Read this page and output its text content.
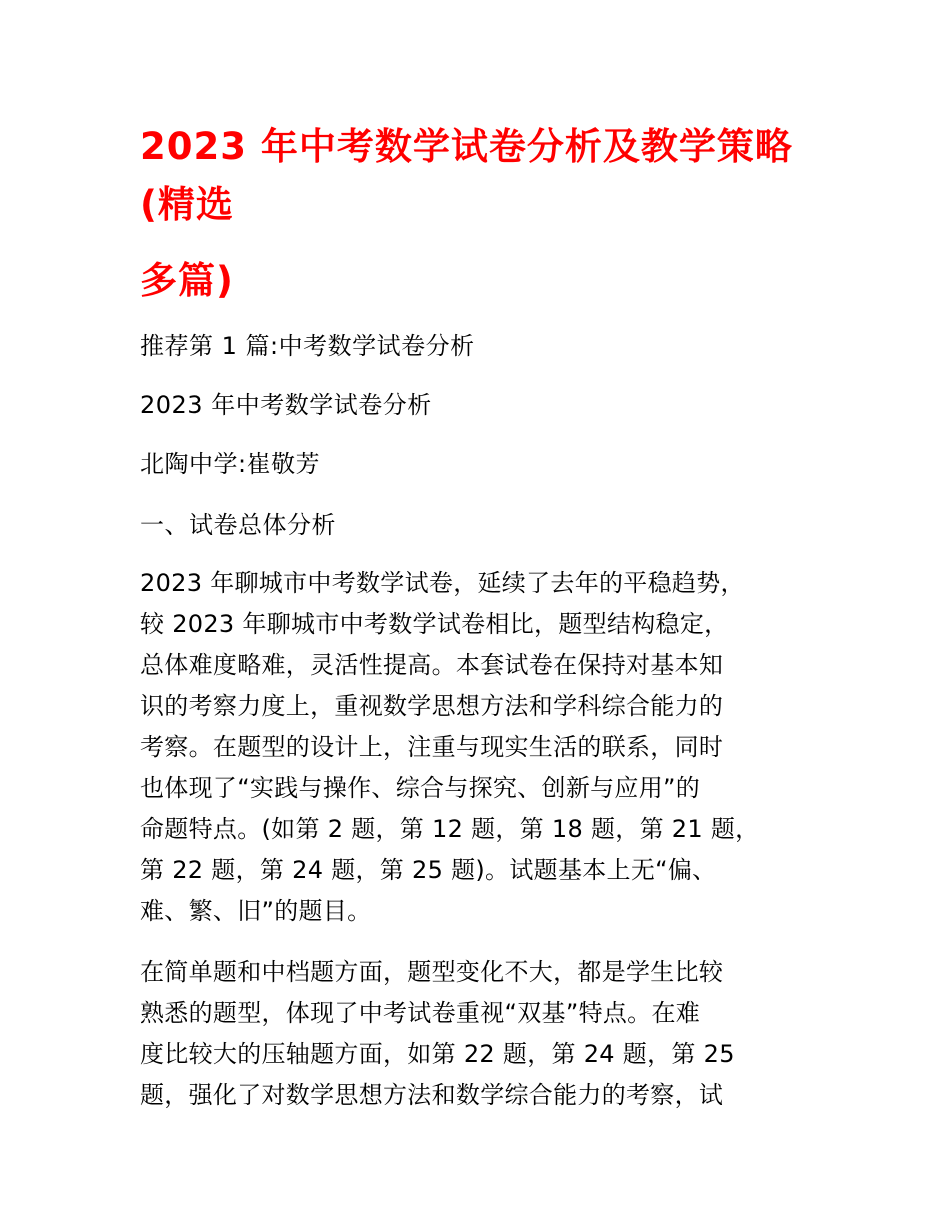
2023 年中考数学试卷分析及教学策略
(精选
多篇)

推荐第 1 篇:中考数学试卷分析

2023 年中考数学试卷分析

北陶中学:崔敬芳

一、试卷总体分析

2023 年聊城市中考数学试卷，延续了去年的平稳趋势，
较 2023 年聊城市中考数学试卷相比，题型结构稳定，
总体难度略难，灵活性提高。本套试卷在保持对基本知
识的考察力度上，重视数学思想方法和学科综合能力的
考察。在题型的设计上，注重与现实生活的联系，同时
也体现了“实践与操作、综合与探究、创新与应用”的
命题特点。(如第 2 题，第 12 题，第 18 题，第 21 题，
第 22 题，第 24 题，第 25 题)。试题基本上无“偏、
难、繁、旧”的题目。
在简单题和中档题方面，题型变化不大，都是学生比较
熟悉的题型，体现了中考试卷重视“双基”特点。在难
度比较大的压轴题方面，如第 22 题，第 24 题，第 25
题，强化了对数学思想方法和数学综合能力的考察，试
